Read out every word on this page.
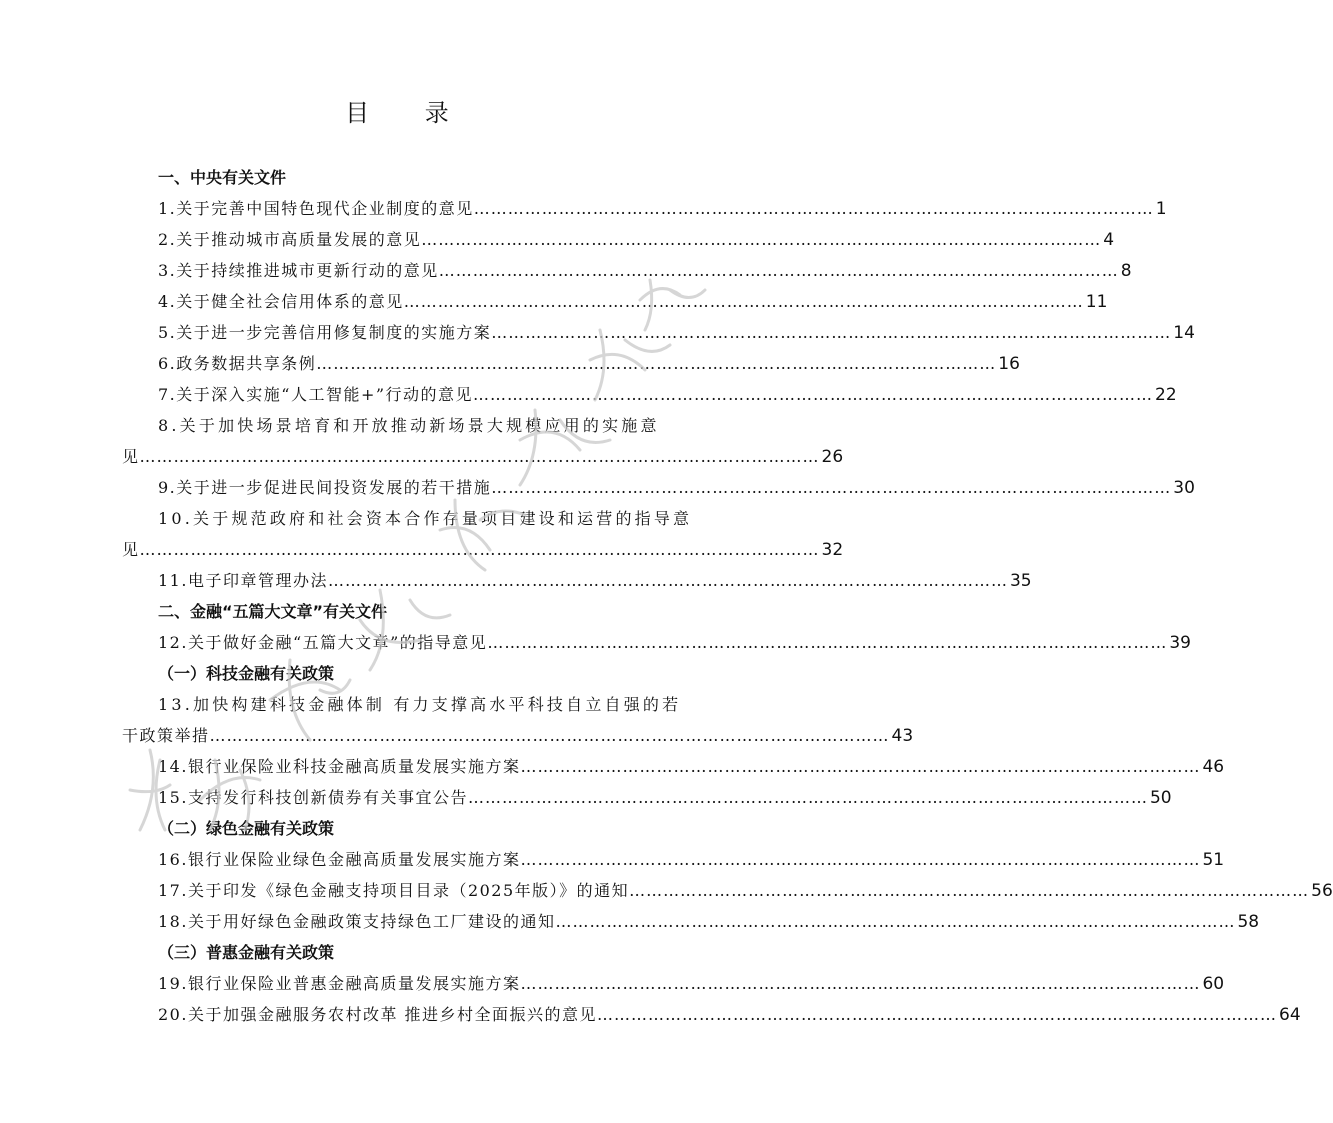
目 录
一、中央有关文件
1.关于完善中国特色现代企业制度的意见 ………………………………………………………………………………………………………… 1
2.关于推动城市高质量发展的意见 ………………………………………………………………………………………………………… 4
3.关于持续推进城市更新行动的意见 ………………………………………………………………………………………………………… 8
4.关于健全社会信用体系的意见 ………………………………………………………………………………………………………… 11
5.关于进一步完善信用修复制度的实施方案 ………………………………………………………………………………………………………… 14
6.政务数据共享条例 ………………………………………………………………………………………………………… 16
7.关于深入实施“人工智能+”行动的意见 ………………………………………………………………………………………………………… 22
8.关于加快场景培育和开放推动新场景大规模应用的实施意
见 ………………………………………………………………………………………………………… 26
9.关于进一步促进民间投资发展的若干措施 ………………………………………………………………………………………………………… 30
10.关于规范政府和社会资本合作存量项目建设和运营的指导意
见 ………………………………………………………………………………………………………… 32
11.电子印章管理办法 ………………………………………………………………………………………………………… 35
二、金融“五篇大文章”有关文件
12.关于做好金融“五篇大文章”的指导意见 ………………………………………………………………………………………………………… 39
（一）科技金融有关政策
13.加快构建科技金融体制 有力支撑高水平科技自立自强的若
干政策举措 ………………………………………………………………………………………………………… 43
14.银行业保险业科技金融高质量发展实施方案 ………………………………………………………………………………………………………… 46
15.支持发行科技创新债券有关事宜公告 ………………………………………………………………………………………………………… 50
（二）绿色金融有关政策
16.银行业保险业绿色金融高质量发展实施方案 ………………………………………………………………………………………………………… 51
17.关于印发《绿色金融支持项目目录（2025年版）》的通知 ………………………………………………………………………………………………………… 56
18.关于用好绿色金融政策支持绿色工厂建设的通知 ………………………………………………………………………………………………………… 58
（三）普惠金融有关政策
19.银行业保险业普惠金融高质量发展实施方案 ………………………………………………………………………………………………………… 60
20.关于加强金融服务农村改革 推进乡村全面振兴的意见 ………………………………………………………………………………………………………… 64
